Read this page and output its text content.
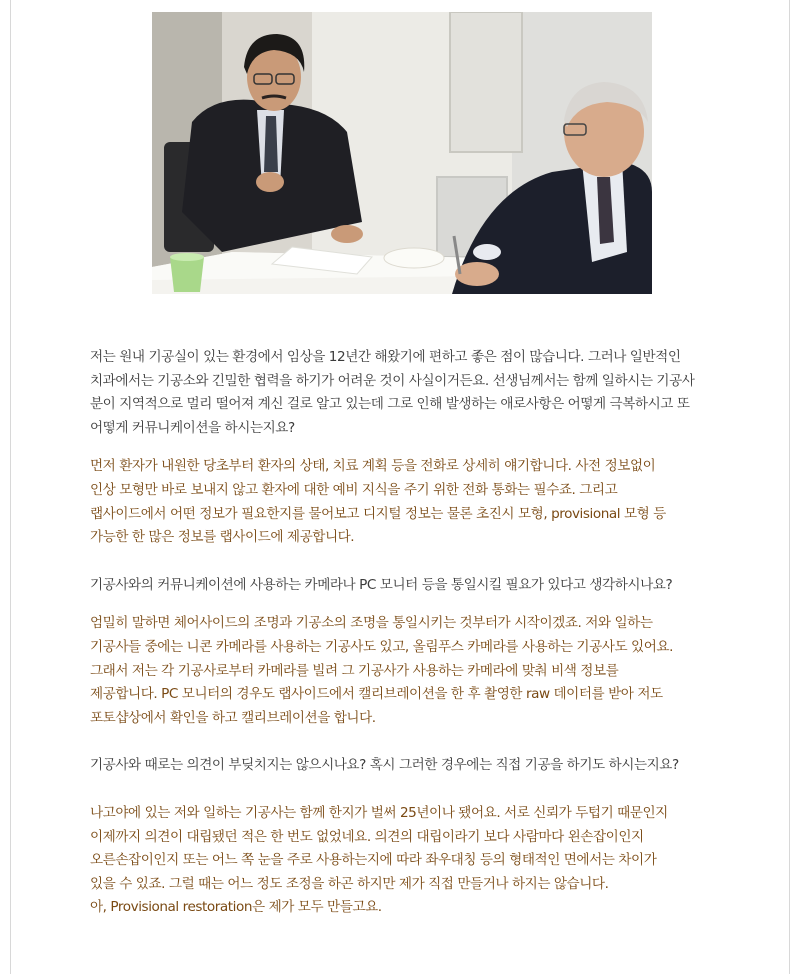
저는 원내 기공실이 있는 환경에서 임상을 12년간 해왔기에 편하고 좋은 점이 많습니다. 그러나 일반적인
치과에서는 기공소와 긴밀한 협력을 하기가 어려운 것이 사실이거든요. 선생님께서는 함께 일하시는 기공사
분이 지역적으로 멀리 떨어져 계신 걸로 알고 있는데 그로 인해 발생하는 애로사항은 어떻게 극복하시고 또
어떻게 커뮤니케이션을 하시는지요?

먼저 환자가 내원한 당초부터 환자의 상태, 치료 계획 등을 전화로 상세히 얘기합니다. 사전 정보없이
인상 모형만 바로 보내지 않고 환자에 대한 예비 지식을 주기 위한 전화 통화는 필수죠. 그리고
랩사이드에서 어떤 정보가 필요한지를 물어보고 디지털 정보는 물론 초진시 모형, provisional 모형 등
가능한 한 많은 정보를 랩사이드에 제공합니다.

기공사와의 커뮤니케이션에 사용하는 카메라나 PC 모니터 등을 통일시킬 필요가 있다고 생각하시나요?

엄밀히 말하면 체어사이드의 조명과 기공소의 조명을 통일시키는 것부터가 시작이겠죠. 저와 일하는
기공사들 중에는 니콘 카메라를 사용하는 기공사도 있고, 올림푸스 카메라를 사용하는 기공사도 있어요.
그래서 저는 각 기공사로부터 카메라를 빌려 그 기공사가 사용하는 카메라에 맞춰 비색 정보를
제공합니다. PC 모니터의 경우도 랩사이드에서 캘리브레이션을 한 후 촬영한 raw 데이터를 받아 저도
포토샵상에서 확인을 하고 캘리브레이션을 합니다.

기공사와 때로는 의견이 부딪치지는 않으시나요? 혹시 그러한 경우에는 직접 기공을 하기도 하시는지요?

나고야에 있는 저와 일하는 기공사는 함께 한지가 벌써 25년이나 됐어요. 서로 신뢰가 두텁기 때문인지
이제까지 의견이 대립됐던 적은 한 번도 없었네요. 의견의 대립이라기 보다 사람마다 왼손잡이인지
오른손잡이인지 또는 어느 쪽 눈을 주로 사용하는지에 따라 좌우대칭 등의 형태적인 면에서는 차이가
있을 수 있죠. 그럴 때는 어느 정도 조정을 하곤 하지만 제가 직접 만들거나 하지는 않습니다.
아, Provisional restoration은 제가 모두 만들고요.
